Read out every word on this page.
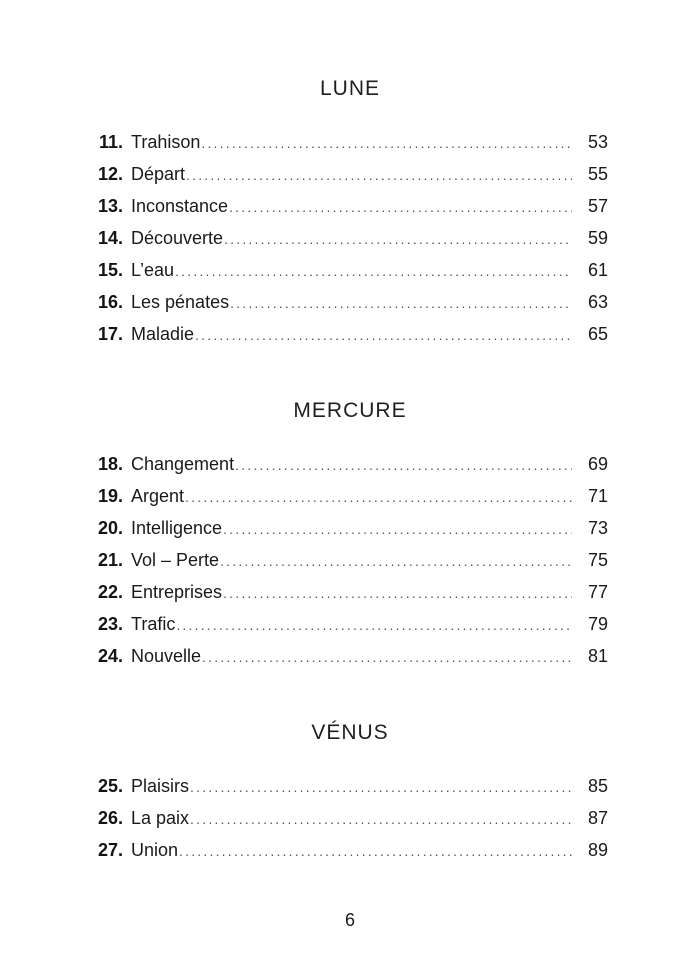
LUNE
11. Trahison .....	53
12. Départ .....	55
13. Inconstance .....	57
14. Découverte .....	59
15. L’eau .....	61
16. Les pénates .....	63
17. Maladie .....	65
MERCURE
18. Changement .....	69
19. Argent .....	71
20. Intelligence .....	73
21. Vol – Perte .....	75
22. Entreprises .....	77
23. Trafic .....	79
24. Nouvelle .....	81
VÉNUS
25. Plaisirs .....	85
26. La paix .....	87
27. Union .....	89
6
